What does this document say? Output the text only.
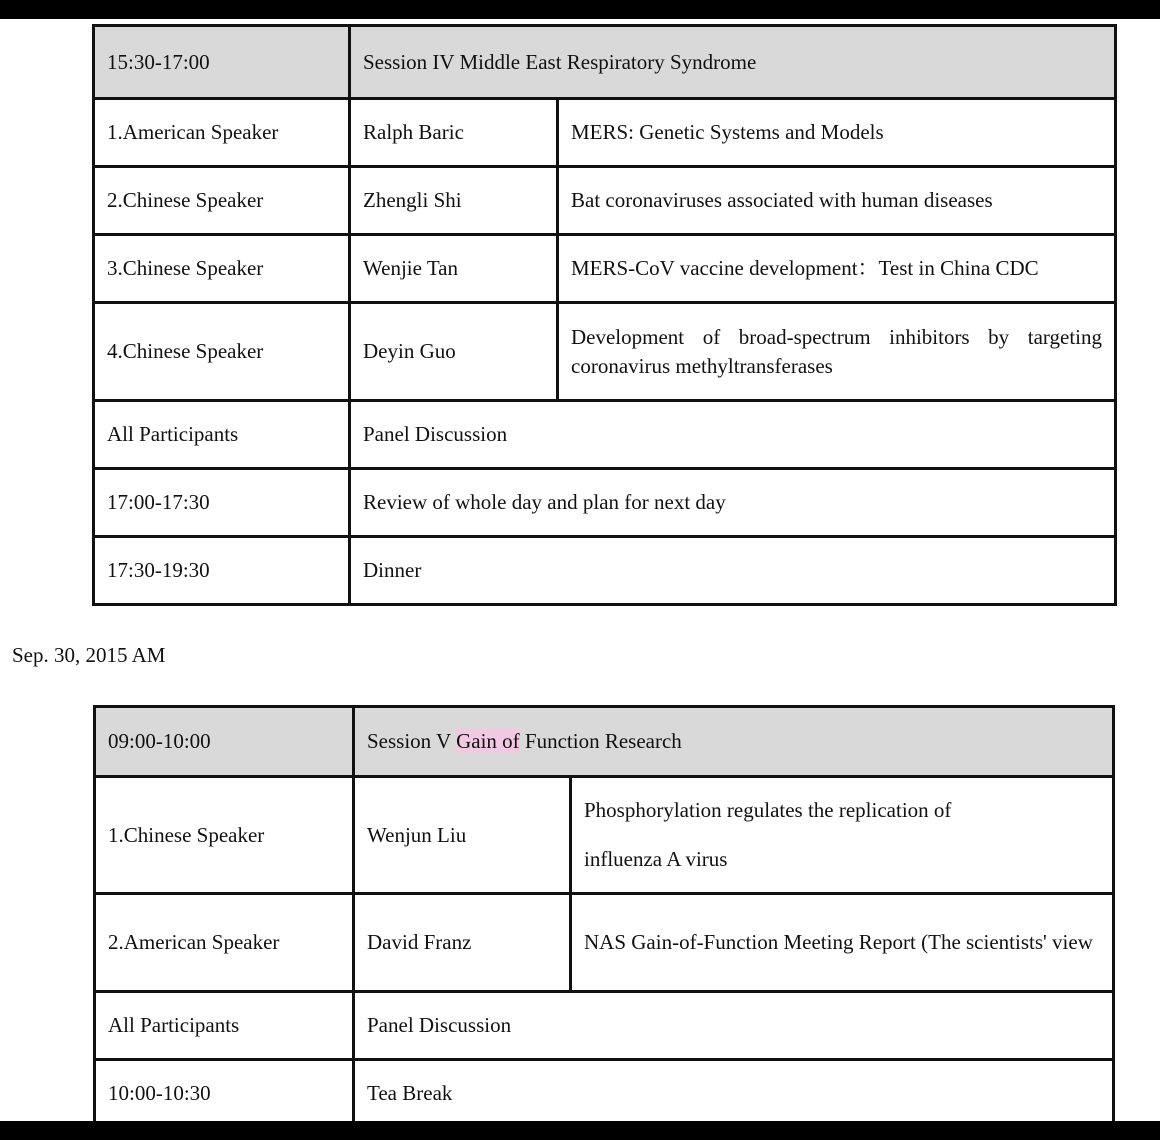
15:30-17:00	Session IV Middle East Respiratory Syndrome	
1.American Speaker	Ralph Baric	MERS: Genetic Systems and Models
2.Chinese Speaker	Zhengli Shi	Bat coronaviruses associated with human diseases
3.Chinese Speaker	Wenjie Tan	MERS-CoV vaccine development：Test in China CDC
4.Chinese Speaker	Deyin Guo	Development of broad-spectrum inhibitors by targeting coronavirus methyltransferases
All Participants	Panel Discussion	
17:00-17:30	Review of whole day and plan for next day	
17:30-19:30	Dinner	
Sep. 30, 2015 AM
09:00-10:00	Session V Gain of Function Research	
1.Chinese Speaker	Wenjun Liu	Phosphorylation regulates the replication of
influenza A virus

2.American Speaker	David Franz	NAS Gain-of-Function Meeting Report (The scientists' view
All Participants	Panel Discussion	
10:00-10:30	Tea Break	
